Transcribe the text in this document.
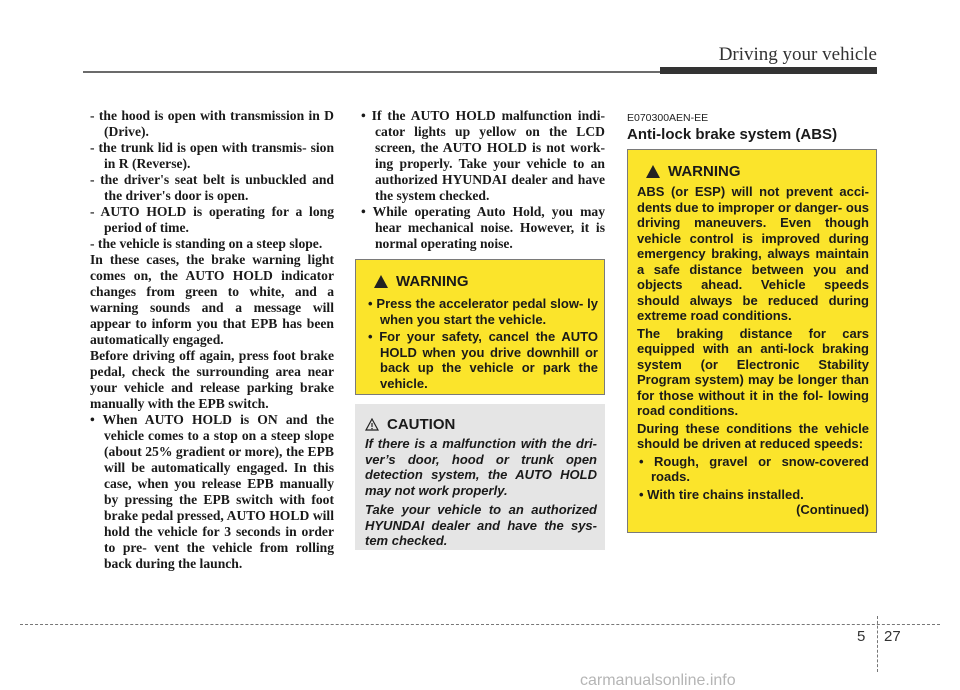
Driving your vehicle

- the hood is open with transmission in D (Drive).

- the trunk lid is open with transmis- sion in R (Reverse).

- the driver's seat belt is unbuckled and the driver's door is open.

- AUTO HOLD is operating for a long period of time.

- the vehicle is standing on a steep slope.

In these cases, the brake warning light comes on, the AUTO HOLD indicator changes from green to white, and a warning sounds and a message will appear to inform you that EPB has been automatically engaged.

Before driving off again, press foot brake pedal, check the surrounding area near your vehicle and release parking brake manually with the EPB switch.

• When AUTO HOLD is ON and the vehicle comes to a stop on a steep slope (about 25% gradient or more), the EPB will be automatically engaged. In this case, when you release EPB manually by pressing the EPB switch with foot brake pedal pressed, AUTO HOLD will hold the vehicle for 3 seconds in order to pre- vent the vehicle from rolling back during the launch.

• If the AUTO HOLD malfunction indi- cator lights up yellow on the LCD screen, the AUTO HOLD is not work- ing properly. Take your vehicle to an authorized HYUNDAI dealer and have the system checked.

• While operating Auto Hold, you may hear mechanical noise. However, it is normal operating noise.

WARNING

• Press the accelerator pedal slow- ly when you start the vehicle.

• For your safety, cancel the AUTO HOLD when you drive downhill or back up the vehicle or park the vehicle.

CAUTION

If there is a malfunction with the dri- ver’s door, hood or trunk open detection system, the AUTO HOLD may not work properly.

Take your vehicle to an authorized HYUNDAI dealer and have the sys- tem checked.

E070300AEN-EE
Anti-lock brake system (ABS)
WARNING

ABS (or ESP) will not prevent acci- dents due to improper or danger- ous driving maneuvers. Even though vehicle control is improved during emergency braking, always maintain a safe distance between you and objects ahead. Vehicle speeds should always be reduced during extreme road conditions.

The braking distance for cars equipped with an anti-lock braking system (or Electronic Stability Program system) may be longer than for those without it in the fol- lowing road conditions.

During these conditions the vehicle should be driven at reduced speeds:

• Rough, gravel or snow-covered roads.

• With tire chains installed.

(Continued)

5 27
carmanualsonline.info
